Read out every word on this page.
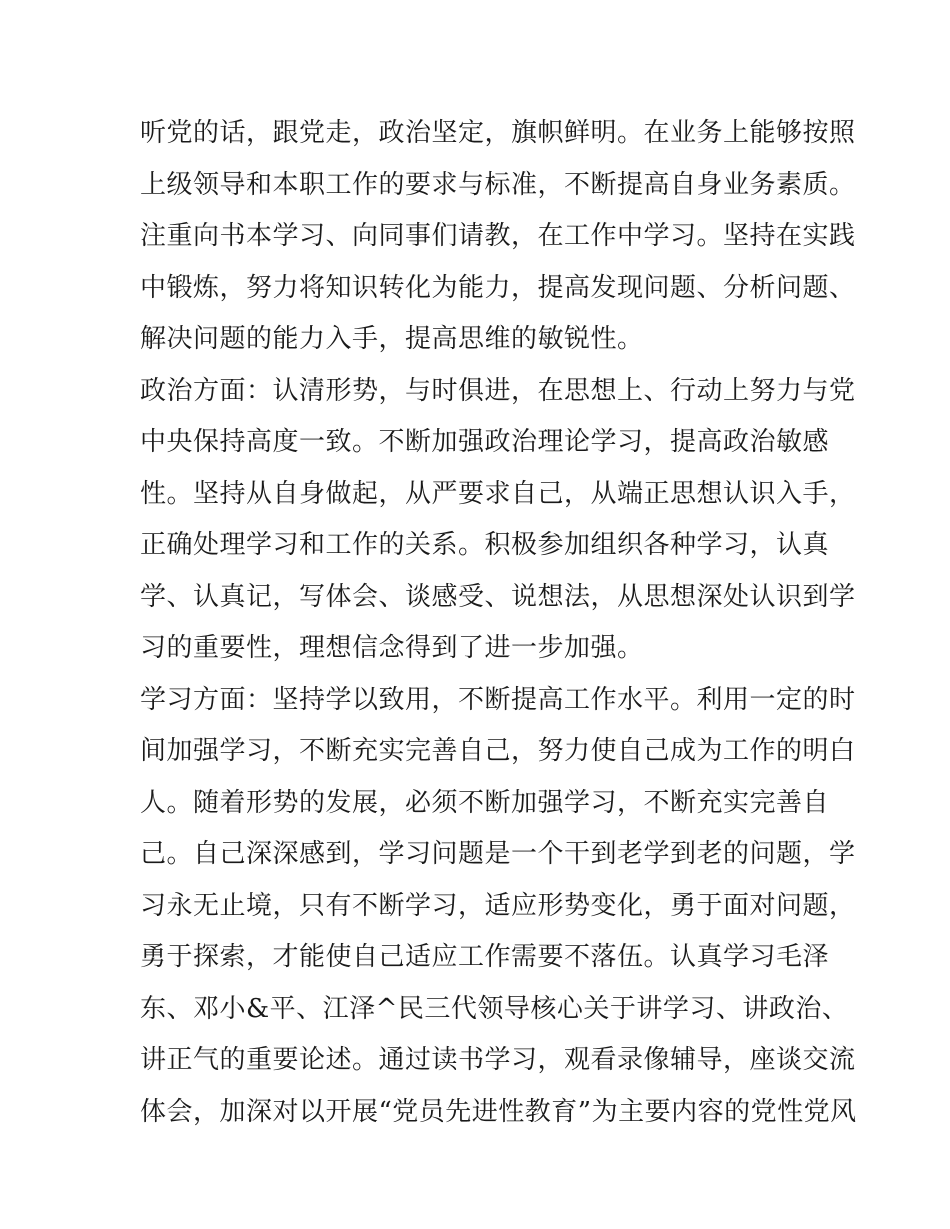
听党的话，跟党走，政治坚定，旗帜鲜明。在业务上能够按照
上级领导和本职工作的要求与标准，不断提高自身业务素质。
注重向书本学习、向同事们请教，在工作中学习。坚持在实践
中锻炼，努力将知识转化为能力，提高发现问题、分析问题、
解决问题的能力入手，提高思维的敏锐性。
政治方面：认清形势，与时俱进，在思想上、行动上努力与党
中央保持高度一致。不断加强政治理论学习，提高政治敏感
性。坚持从自身做起，从严要求自己，从端正思想认识入手，
正确处理学习和工作的关系。积极参加组织各种学习，认真
学、认真记，写体会、谈感受、说想法，从思想深处认识到学
习的重要性，理想信念得到了进一步加强。
学习方面：坚持学以致用，不断提高工作水平。利用一定的时
间加强学习，不断充实完善自己，努力使自己成为工作的明白
人。随着形势的发展，必须不断加强学习，不断充实完善自
己。自己深深感到，学习问题是一个干到老学到老的问题，学
习永无止境，只有不断学习，适应形势变化，勇于面对问题，
勇于探索，才能使自己适应工作需要不落伍。认真学习毛泽
东、邓小&平、江泽^民三代领导核心关于讲学习、讲政治、
讲正气的重要论述。通过读书学习，观看录像辅导，座谈交流
体会，加深对以开展“党员先进性教育”为主要内容的党性党风
